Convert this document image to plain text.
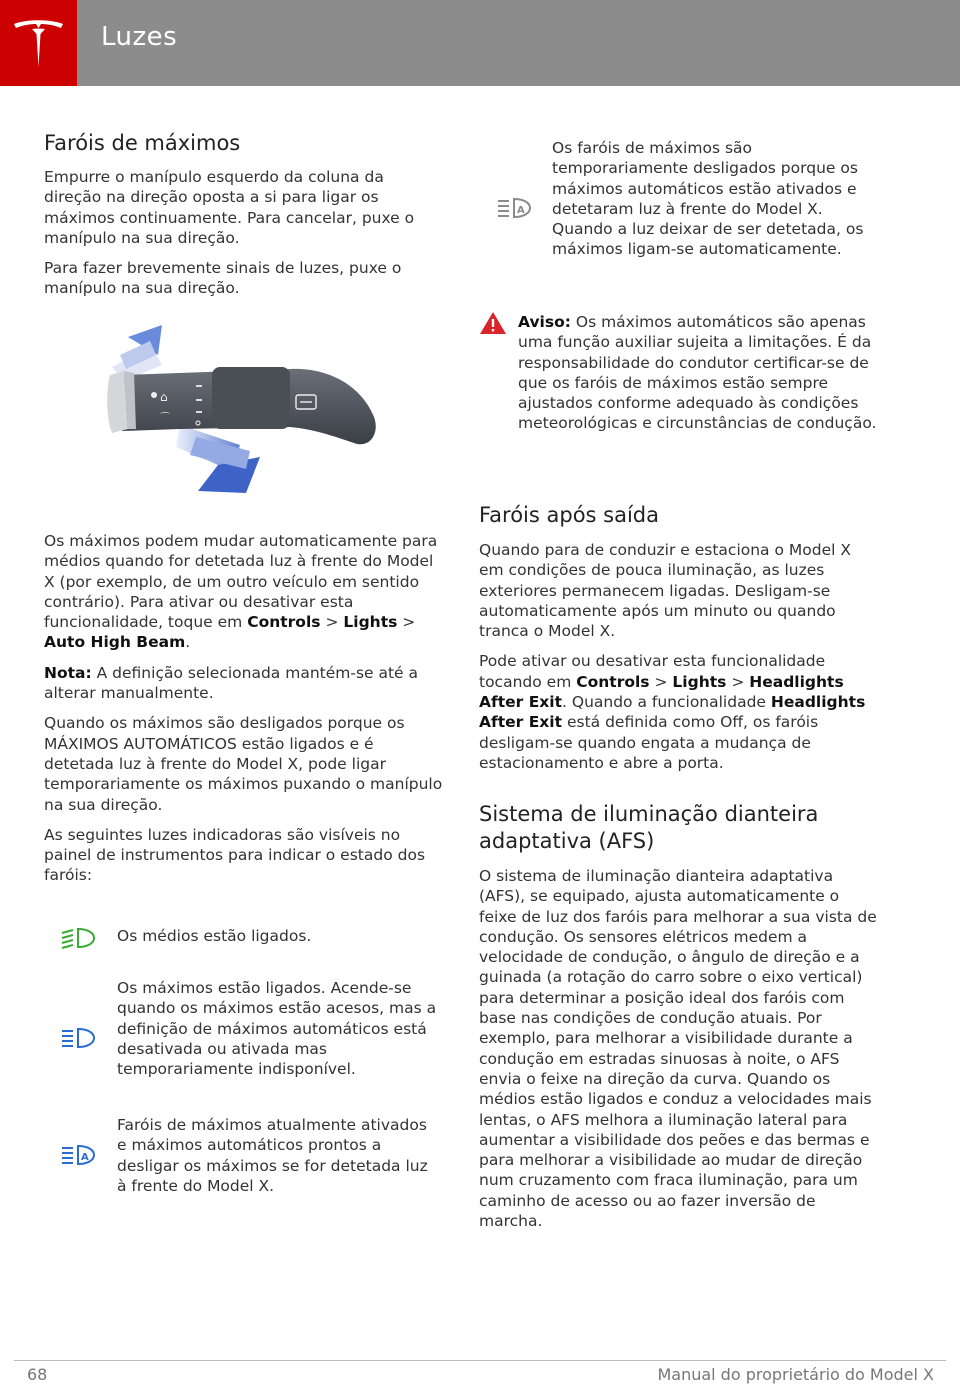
Luzes
Faróis de máximos

Empurre o manípulo esquerdo da coluna da direção na direção oposta a si para ligar os máximos continuamente. Para cancelar, puxe o manípulo na sua direção.

Para fazer brevemente sinais de luzes, puxe o manípulo na sua direção.

⌂
⌒

Os máximos podem mudar automaticamente para médios quando for detetada luz à frente do Model X (por exemplo, de um outro veículo em sentido contrário). Para ativar ou desativar esta funcionalidade, toque em Controls > Lights > Auto High Beam.

Nota: A definição selecionada mantém-se até a alterar manualmente.

Quando os máximos são desligados porque os MÁXIMOS AUTOMÁTICOS estão ligados e é detetada luz à frente do Model X, pode ligar temporariamente os máximos puxando o manípulo na sua direção.

As seguintes luzes indicadoras são visíveis no painel de instrumentos para indicar o estado dos faróis:

Os médios estão ligados.
Os máximos estão ligados. Acende-se quando os máximos estão acesos, mas a definição de máximos automáticos está desativada ou ativada mas temporariamente indisponível.
A
Faróis de máximos atualmente ativados e máximos automáticos prontos a desligar os máximos se for detetada luz à frente do Model X.
A
Os faróis de máximos são temporariamente desligados porque os máximos automáticos estão ativados e detetaram luz à frente do Model X. Quando a luz deixar de ser detetada, os máximos ligam-se automaticamente.
Aviso: Os máximos automáticos são apenas uma função auxiliar sujeita a limitações. É da responsabilidade do condutor certificar-se de que os faróis de máximos estão sempre ajustados conforme adequado às condições meteorológicas e circunstâncias de condução.
Faróis após saída

Quando para de conduzir e estaciona o Model X em condições de pouca iluminação, as luzes exteriores permanecem ligadas. Desligam-se automaticamente após um minuto ou quando tranca o Model X.

Pode ativar ou desativar esta funcionalidade tocando em Controls > Lights > Headlights After Exit. Quando a funcionalidade Headlights After Exit está definida como Off, os faróis desligam-se quando engata a mudança de estacionamento e abre a porta.

Sistema de iluminação dianteira adaptativa (AFS)

O sistema de iluminação dianteira adaptativa (AFS), se equipado, ajusta automaticamente o feixe de luz dos faróis para melhorar a sua vista de condução. Os sensores elétricos medem a velocidade de condução, o ângulo de direção e a guinada (a rotação do carro sobre o eixo vertical) para determinar a posição ideal dos faróis com base nas condições de condução atuais. Por exemplo, para melhorar a visibilidade durante a condução em estradas sinuosas à noite, o AFS envia o feixe na direção da curva. Quando os médios estão ligados e conduz a velocidades mais lentas, o AFS melhora a iluminação lateral para aumentar a visibilidade dos peões e das bermas e para melhorar a visibilidade ao mudar de direção num cruzamento com fraca iluminação, para um caminho de acesso ou ao fazer inversão de marcha.

68	Manual do proprietário do Model X
